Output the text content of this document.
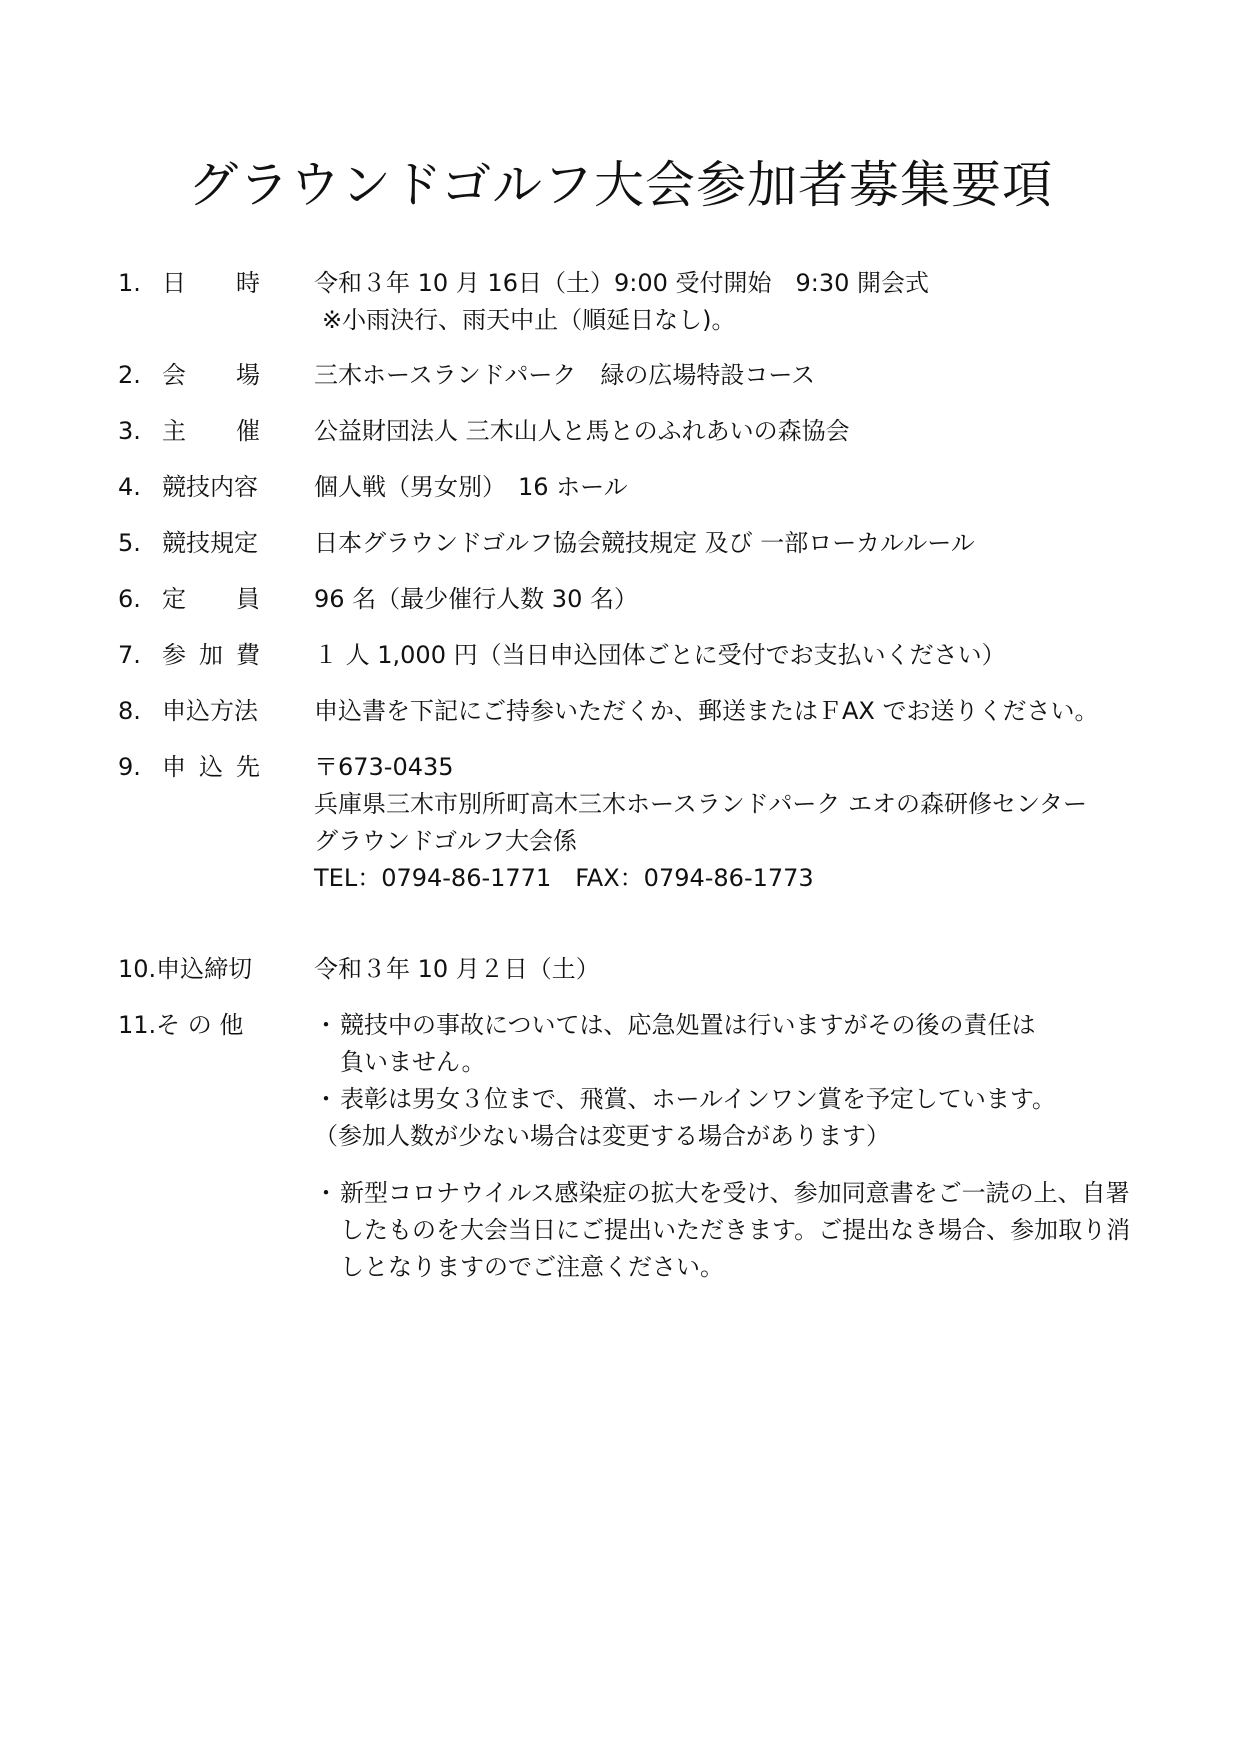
グラウンドゴルフ大会参加者募集要項
1. 日 時 令和３年 10 月 16日（土）9:00 受付開始　9:30 開会式
※小雨決行、雨天中止（順延日なし)。
2. 会 場 三木ホースランドパーク　緑の広場特設コース
3. 主 催 公益財団法人 三木山人と馬とのふれあいの森協会
4. 競技内容 個人戦（男女別）　16 ホール
5. 競技規定 日本グラウンドゴルフ協会競技規定 及び 一部ローカルルール
6. 定 員 96 名（最少催行人数 30 名）
7. 参 加 費 １ 人 1,000 円（当日申込団体ごとに受付でお支払いください）
8. 申込方法 申込書を下記にご持参いただくか、郵送またはＦAX でお送りください。
9. 申 込 先 〒673-0435
兵庫県三木市別所町高木三木ホースランドパーク エオの森研修センター
グラウンドゴルフ大会係
TEL：0794-86-1771　FAX：0794-86-1773
10.申込締切	令和３年 10 月２日（土）
11.そ の 他	・ 競技中の事故については、応急処置は行いますがその後の責任は
負いません。
・ 表彰は男女３位まで、飛賞、ホールインワン賞を予定しています。
（参加人数が少ない場合は変更する場合があります）
・ 新型コロナウイルス感染症の拡大を受け、参加同意書をご一読の上、自署
したものを大会当日にご提出いただきます。ご提出なき場合、参加取り消
しとなりますのでご注意ください。
